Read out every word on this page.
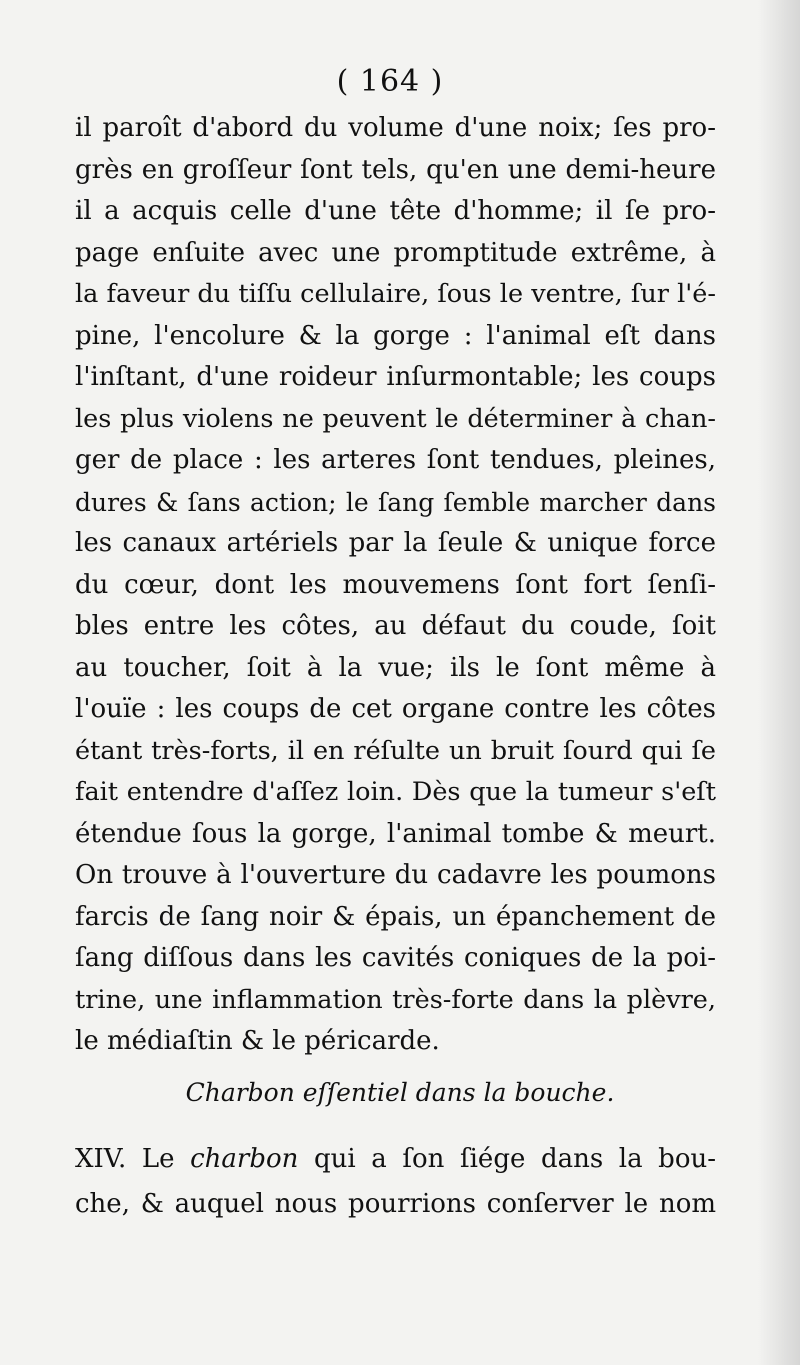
( 164 )
il paroît d'abord du volume d'une noix; ſes pro-
grès en groſſeur ſont tels, qu'en une demi-heure
il a acquis celle d'une tête d'homme; il ſe pro-
page enſuite avec une promptitude extrême, à
la faveur du tiſſu cellulaire, ſous le ventre, ſur l'é-
pine, l'encolure & la gorge : l'animal eſt dans
l'inſtant, d'une roideur inſurmontable; les coups
les plus violens ne peuvent le déterminer à chan-
ger de place : les arteres ſont tendues, pleines,
dures & ſans action; le ſang ſemble marcher dans
les canaux artériels par la ſeule & unique force
du cœur, dont les mouvemens ſont fort ſenſi-
bles entre les côtes, au défaut du coude, ſoit
au toucher, ſoit à la vue; ils le ſont même à
l'ouïe : les coups de cet organe contre les côtes
étant très-forts, il en réſulte un bruit ſourd qui ſe
fait entendre d'aſſez loin. Dès que la tumeur s'eſt
étendue ſous la gorge, l'animal tombe & meurt.
On trouve à l'ouverture du cadavre les poumons
farcis de ſang noir & épais, un épanchement de
ſang diſſous dans les cavités coniques de la poi-
trine, une inflammation très-forte dans la plèvre,
le médiaſtin & le péricarde.
Charbon eſſentiel dans la bouche.
XIV. Le charbon qui a ſon ſiége dans la bou-
che, & auquel nous pourrions conſerver le nom
